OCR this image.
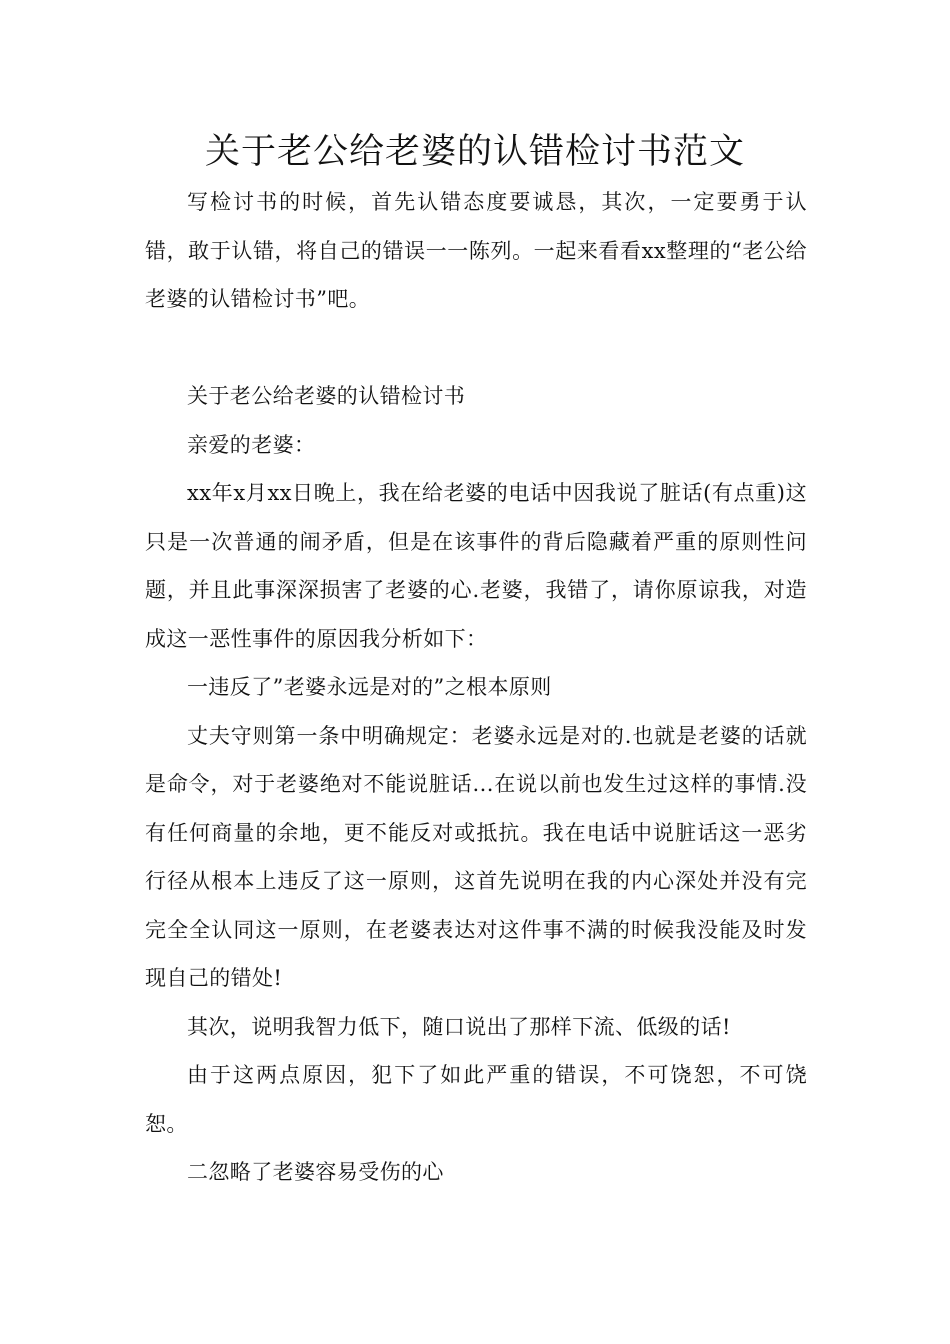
关于老公给老婆的认错检讨书范文

写检讨书的时候，首先认错态度要诚恳，其次，一定要勇于认错，敢于认错，将自己的错误一一陈列。一起来看看xx整理的“老公给老婆的认错检讨书”吧。

关于老公给老婆的认错检讨书

亲爱的老婆：

xx年x月xx日晚上，我在给老婆的电话中因我说了脏话(有点重)这只是一次普通的闹矛盾，但是在该事件的背后隐藏着严重的原则性问题，并且此事深深损害了老婆的心.老婆，我错了，请你原谅我，对造成这一恶性事件的原因我分析如下：

一违反了”老婆永远是对的”之根本原则

丈夫守则第一条中明确规定：老婆永远是对的.也就是老婆的话就是命令，对于老婆绝对不能说脏话...在说以前也发生过这样的事情.没有任何商量的余地，更不能反对或抵抗。我在电话中说脏话这一恶劣行径从根本上违反了这一原则，这首先说明在我的内心深处并没有完完全全认同这一原则，在老婆表达对这件事不满的时候我没能及时发现自己的错处!

其次，说明我智力低下，随口说出了那样下流、低级的话!

由于这两点原因，犯下了如此严重的错误，不可饶恕，不可饶恕。

二忽略了老婆容易受伤的心
